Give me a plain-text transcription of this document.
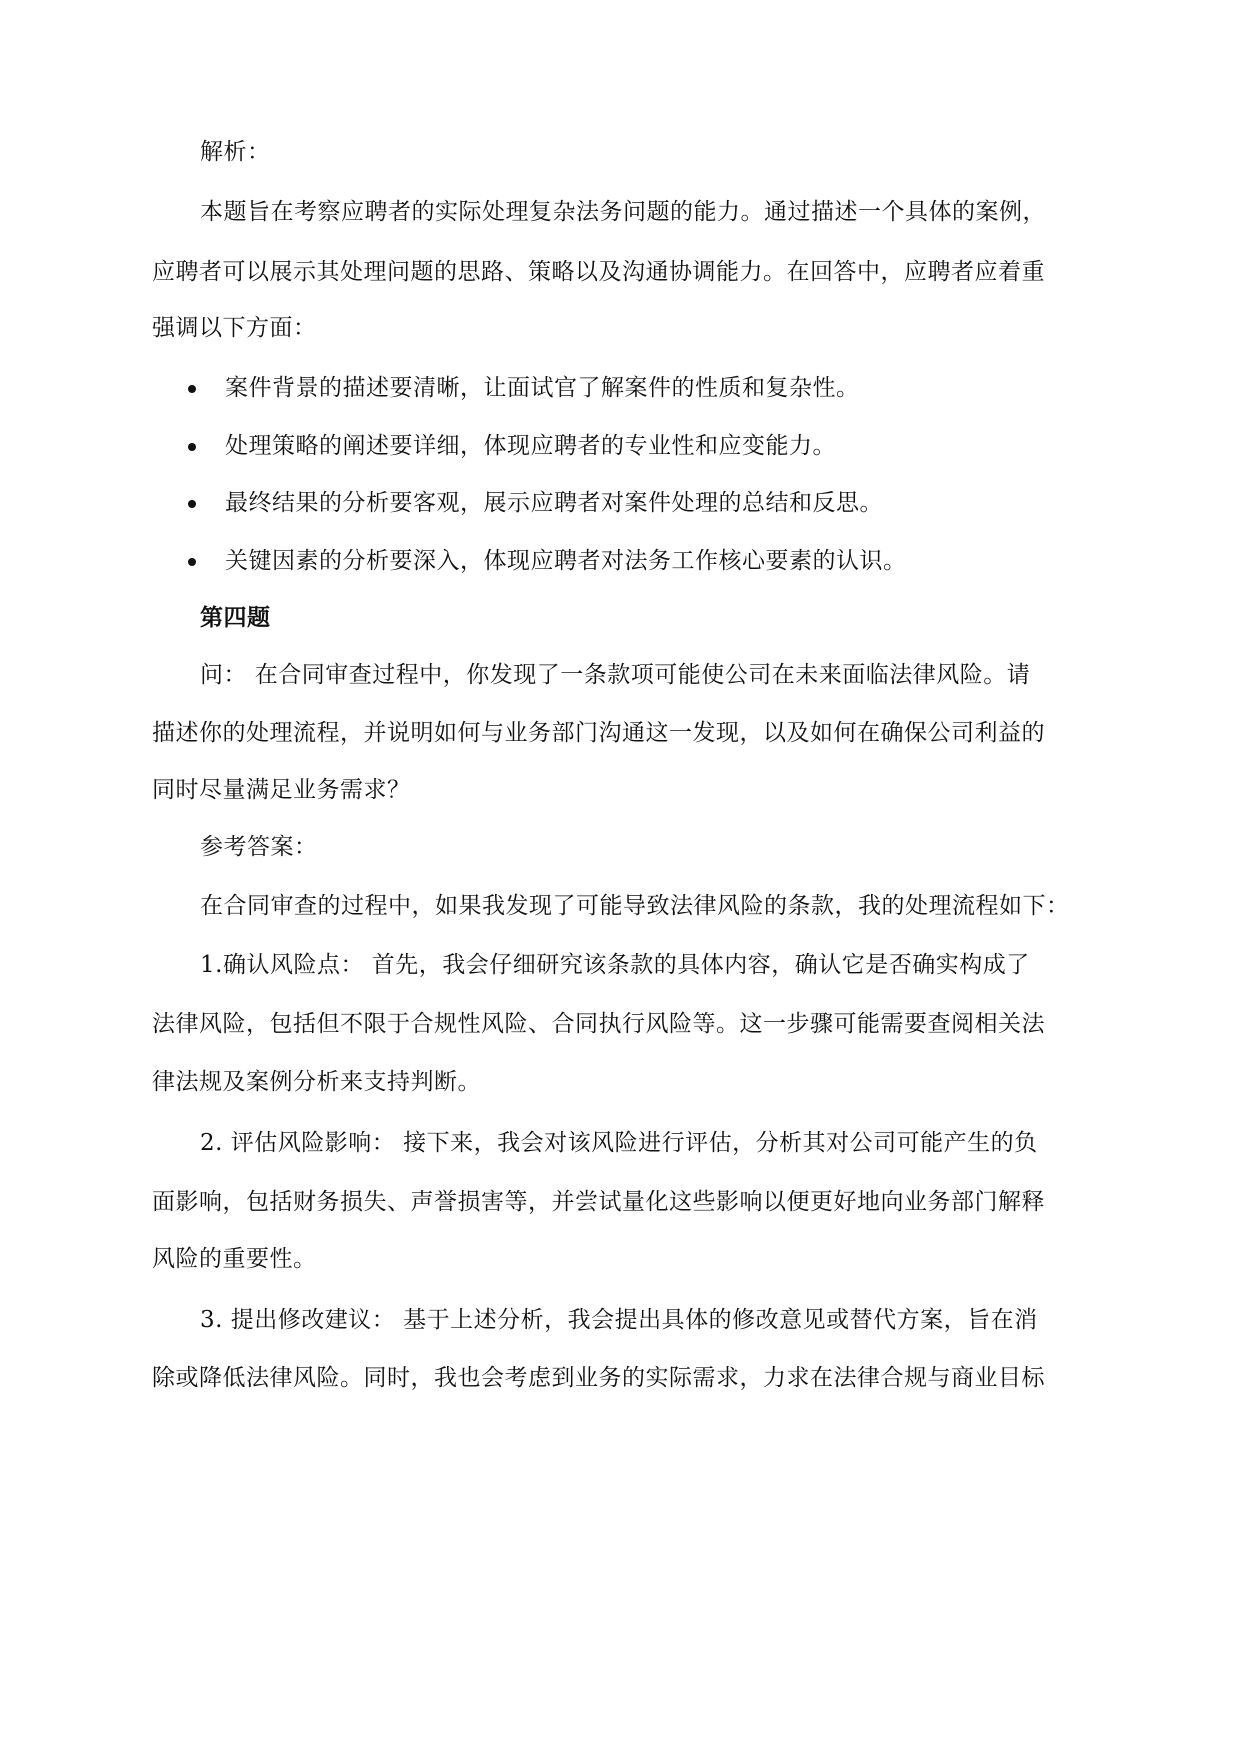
解析：
本题旨在考察应聘者的实际处理复杂法务问题的能力。通过描述一个具体的案例，
应聘者可以展示其处理问题的思路、策略以及沟通协调能力。在回答中，应聘者应着重
强调以下方面：
案件背景的描述要清晰，让面试官了解案件的性质和复杂性。
处理策略的阐述要详细，体现应聘者的专业性和应变能力。
最终结果的分析要客观，展示应聘者对案件处理的总结和反思。
关键因素的分析要深入，体现应聘者对法务工作核心要素的认识。
第四题
问： 在合同审查过程中，你发现了一条款项可能使公司在未来面临法律风险。请
描述你的处理流程，并说明如何与业务部门沟通这一发现，以及如何在确保公司利益的
同时尽量满足业务需求？
参考答案：
在合同审查的过程中，如果我发现了可能导致法律风险的条款，我的处理流程如下：
1.确认风险点： 首先，我会仔细研究该条款的具体内容，确认它是否确实构成了
法律风险，包括但不限于合规性风险、合同执行风险等。这一步骤可能需要查阅相关法
律法规及案例分析来支持判断。
2. 评估风险影响： 接下来，我会对该风险进行评估，分析其对公司可能产生的负
面影响，包括财务损失、声誉损害等，并尝试量化这些影响以便更好地向业务部门解释
风险的重要性。
3. 提出修改建议： 基于上述分析，我会提出具体的修改意见或替代方案，旨在消
除或降低法律风险。同时，我也会考虑到业务的实际需求，力求在法律合规与商业目标
